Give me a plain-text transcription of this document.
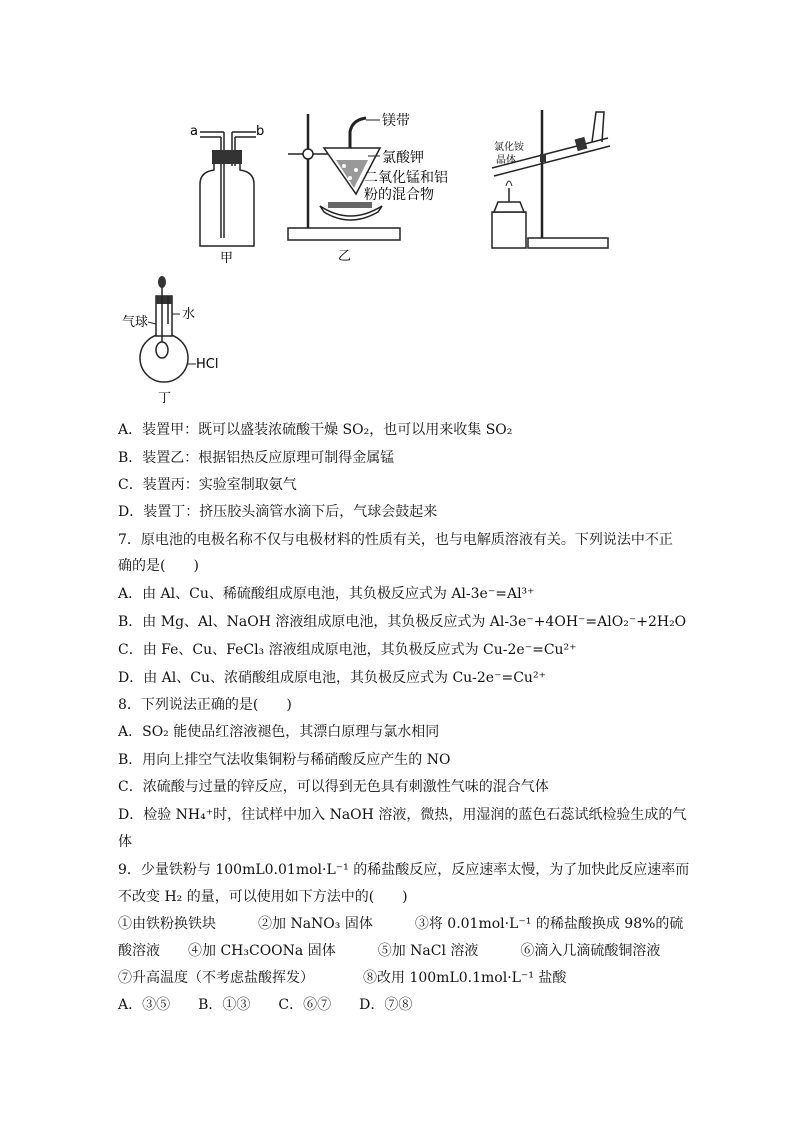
a	b
甲
镁带
氯酸钾
二氧化锰和铝
粉的混合物
乙
氯化铵
晶体
气球
水
HCl
丁
A．装置甲：既可以盛装浓硫酸干燥 SO₂，也可以用来收集 SO₂
B．装置乙：根据铝热反应原理可制得金属锰
C．装置丙：实验室制取氨气
D．装置丁：挤压胶头滴管水滴下后，气球会鼓起来
7．原电池的电极名称不仅与电极材料的性质有关，也与电解质溶液有关。下列说法中不正
确的是(　　)
A．由 Al、Cu、稀硫酸组成原电池，其负极反应式为 Al-3e⁻=Al³⁺
B．由 Mg、Al、NaOH 溶液组成原电池，其负极反应式为 Al-3e⁻+4OH⁻=AlO₂⁻+2H₂O
C．由 Fe、Cu、FeCl₃ 溶液组成原电池，其负极反应式为 Cu-2e⁻=Cu²⁺
D．由 Al、Cu、浓硝酸组成原电池，其负极反应式为 Cu-2e⁻=Cu²⁺
8．下列说法正确的是(　　)
A．SO₂ 能使品红溶液褪色，其漂白原理与氯水相同
B．用向上排空气法收集铜粉与稀硝酸反应产生的 NO
C．浓硫酸与过量的锌反应，可以得到无色具有刺激性气味的混合气体
D．检验 NH₄⁺时，往试样中加入 NaOH 溶液，微热，用湿润的蓝色石蕊试纸检验生成的气
体
9．少量铁粉与 100mL0.01mol·L⁻¹ 的稀盐酸反应，反应速率太慢，为了加快此反应速率而
不改变 H₂ 的量，可以使用如下方法中的(　　)
①由铁粉换铁块　　　②加 NaNO₃ 固体　　　③将 0.01mol·L⁻¹ 的稀盐酸换成 98%的硫
酸溶液　　④加 CH₃COONa 固体　　　⑤加 NaCl 溶液　　　⑥滴入几滴硫酸铜溶液
⑦升高温度（不考虑盐酸挥发）　　　　⑧改用 100mL0.1mol·L⁻¹ 盐酸
A．③⑤　　B．①③　　C．⑥⑦　　D．⑦⑧
